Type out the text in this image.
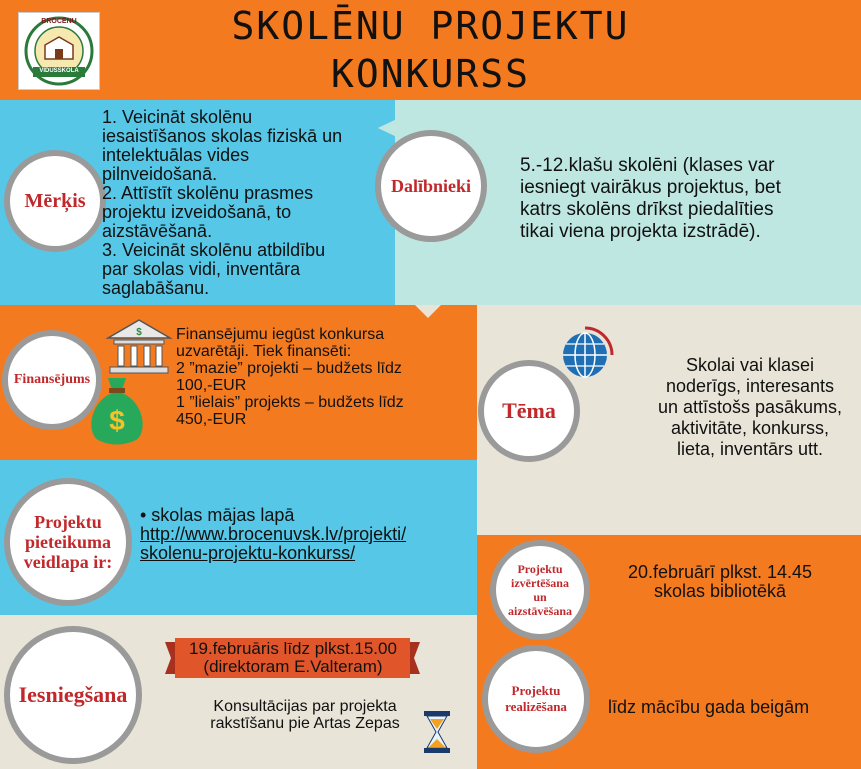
SKOLĒNU PROJEKTU
KONKURSS
BROCĒNU
VIDUSSKOLA
Mērķis
1. Veicināt skolēnu
iesaistīšanos skolas fiziskā un
intelektuālas vides
pilnveidošanā.
2. Attīstīt skolēnu prasmes
projektu izveidošanā, to
aizstāvēšanā.
3. Veicināt skolēnu atbildību
par skolas vidi, inventāra
saglabāšanu.
Dalībnieki
5.-12.klašu skolēni (klases var
iesniegt vairākus projektus, bet
katrs skolēns drīkst piedalīties
tikai viena projekta izstrādē).
Finansējums
$
$
Finansējumu iegūst konkursa
uzvarētāji. Tiek finansēti:
2 ”mazie” projekti – budžets līdz
100,-EUR
1 ”lielais” projekts – budžets līdz
450,-EUR	Tēma
Skolai vai klasei
noderīgs, interesants
un attīstošs pasākums,
aktivitāte, konkurss,
lieta, inventārs utt.
Projektu
pieteikuma
veidlapa ir:
• skolas mājas lapā
http://www.brocenuvsk.lv/projekti/
skolenu-projektu-konkurss/
Projektu
izvērtēšana
un
aizstāvēšana
20.februārī plkst. 14.45
skolas bibliotēkā
Iesniegšana
19.februāris līdz plkst.15.00
(direktoram E.Valteram)
Konsultācijas par projekta
rakstīšanu pie Artas Zepas
Projektu
realizēšana līdz mācību gada beigām
